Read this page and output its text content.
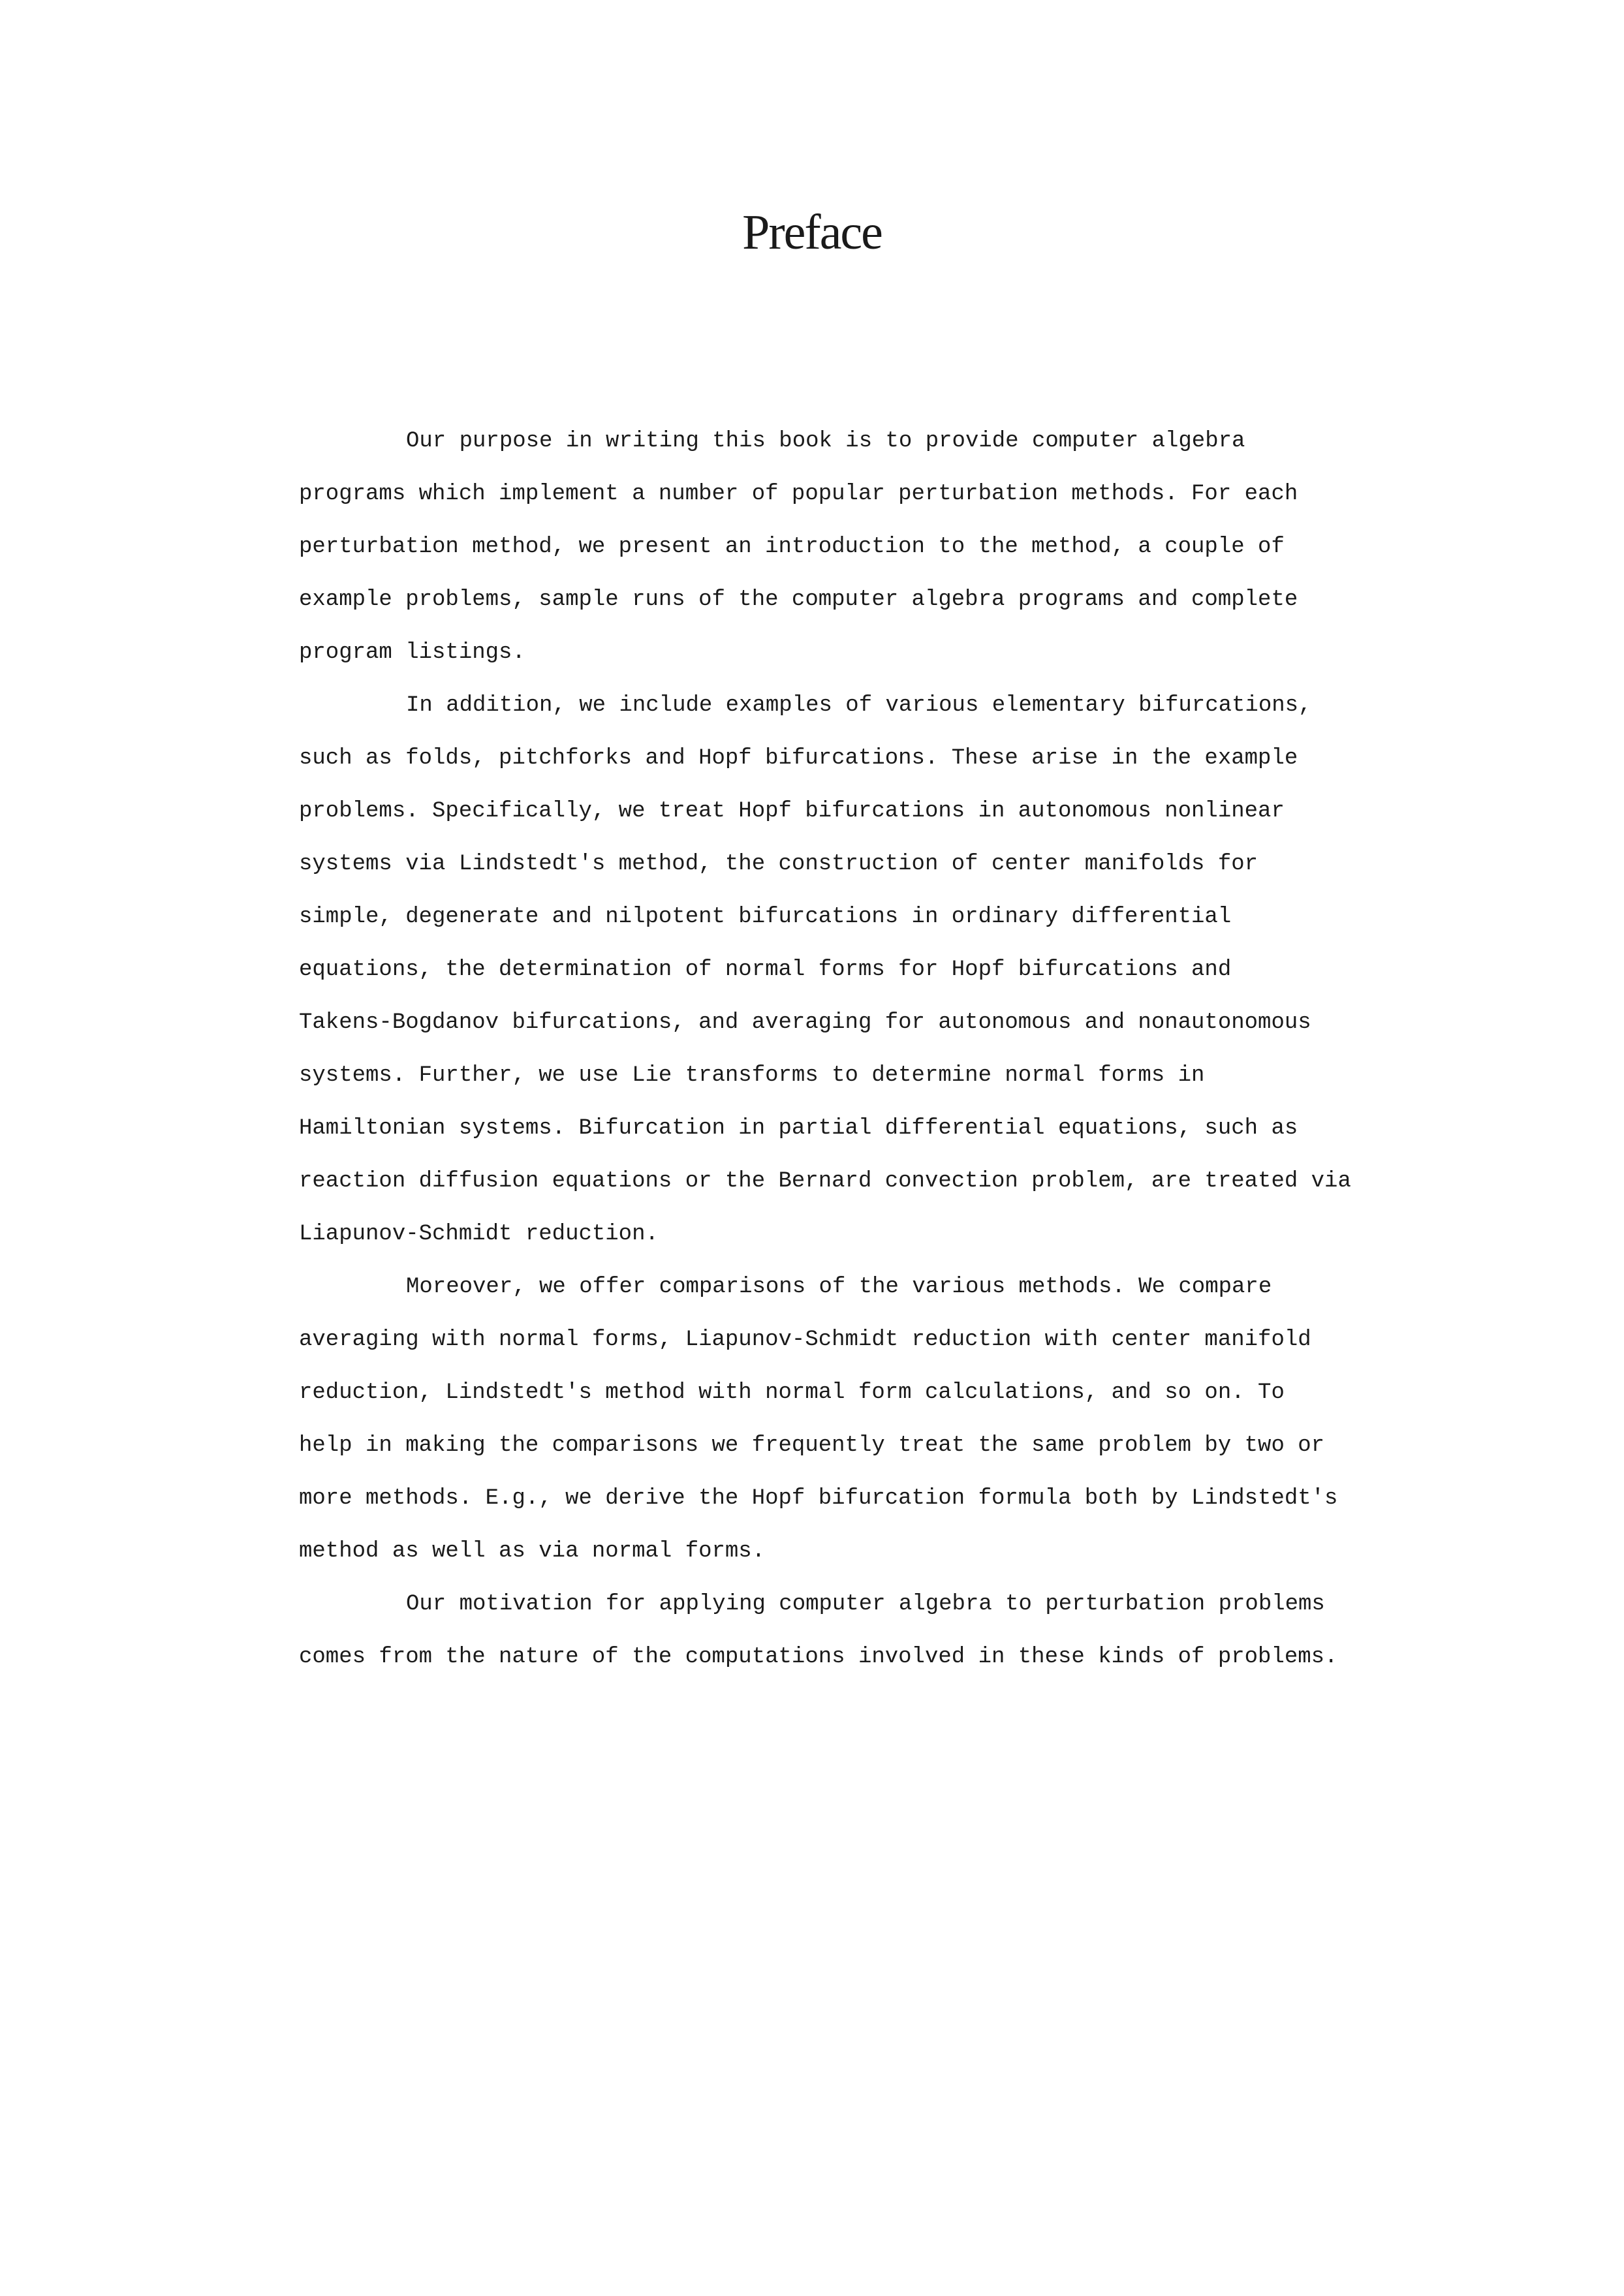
Preface

Our purpose in writing this book is to provide computer algebra

programs which implement a number of popular perturbation methods. For each

perturbation method, we present an introduction to the method, a couple of

example problems, sample runs of the computer algebra programs and complete

program listings.

In addition, we include examples of various elementary bifurcations,

such as folds, pitchforks and Hopf bifurcations. These arise in the example

problems. Specifically, we treat Hopf bifurcations in autonomous nonlinear

systems via Lindstedt's method, the construction of center manifolds for

simple, degenerate and nilpotent bifurcations in ordinary differential

equations, the determination of normal forms for Hopf bifurcations and

Takens-Bogdanov bifurcations, and averaging for autonomous and nonautonomous

systems. Further, we use Lie transforms to determine normal forms in

Hamiltonian systems. Bifurcation in partial differential equations, such as

reaction diffusion equations or the Bernard convection problem, are treated via

Liapunov-Schmidt reduction.

Moreover, we offer comparisons of the various methods. We compare

averaging with normal forms, Liapunov-Schmidt reduction with center manifold

reduction, Lindstedt's method with normal form calculations, and so on. To

help in making the comparisons we frequently treat the same problem by two or

more methods. E.g., we derive the Hopf bifurcation formula both by Lindstedt's

method as well as via normal forms.

Our motivation for applying computer algebra to perturbation problems

comes from the nature of the computations involved in these kinds of problems.
